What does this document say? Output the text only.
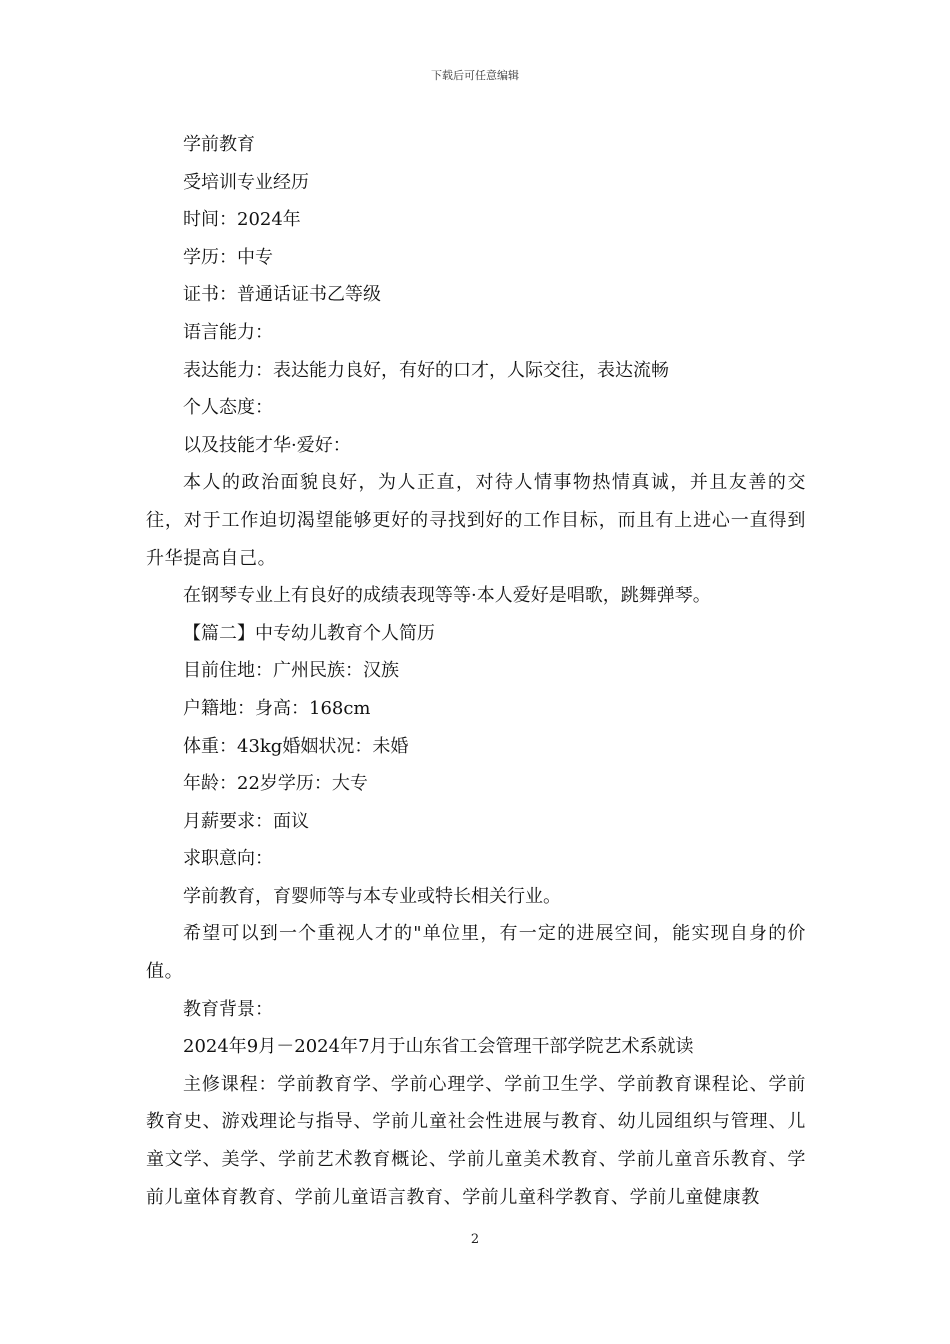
下载后可任意编辑
学前教育
受培训专业经历
时间：2024年
学历：中专
证书：普通话证书乙等级
语言能力：
表达能力：表达能力良好，有好的口才，人际交往，表达流畅
个人态度：
以及技能才华·爱好：
本人的政治面貌良好，为人正直，对待人情事物热情真诚，并且友善的交往，对于工作迫切渴望能够更好的寻找到好的工作目标，而且有上进心一直得到升华提高自己。
在钢琴专业上有良好的成绩表现等等·本人爱好是唱歌，跳舞弹琴。
【篇二】中专幼儿教育个人简历
目前住地：广州民族：汉族
户籍地：身高：168cm
体重：43kg婚姻状况：未婚
年龄：22岁学历：大专
月薪要求：面议
求职意向：
学前教育，育婴师等与本专业或特长相关行业。
希望可以到一个重视人才的"单位里，有一定的进展空间，能实现自身的价值。
教育背景：
2024年9月－2024年7月于山东省工会管理干部学院艺术系就读
主修课程：学前教育学、学前心理学、学前卫生学、学前教育课程论、学前教育史、游戏理论与指导、学前儿童社会性进展与教育、幼儿园组织与管理、儿童文学、美学、学前艺术教育概论、学前儿童美术教育、学前儿童音乐教育、学前儿童体育教育、学前儿童语言教育、学前儿童科学教育、学前儿童健康教
2
